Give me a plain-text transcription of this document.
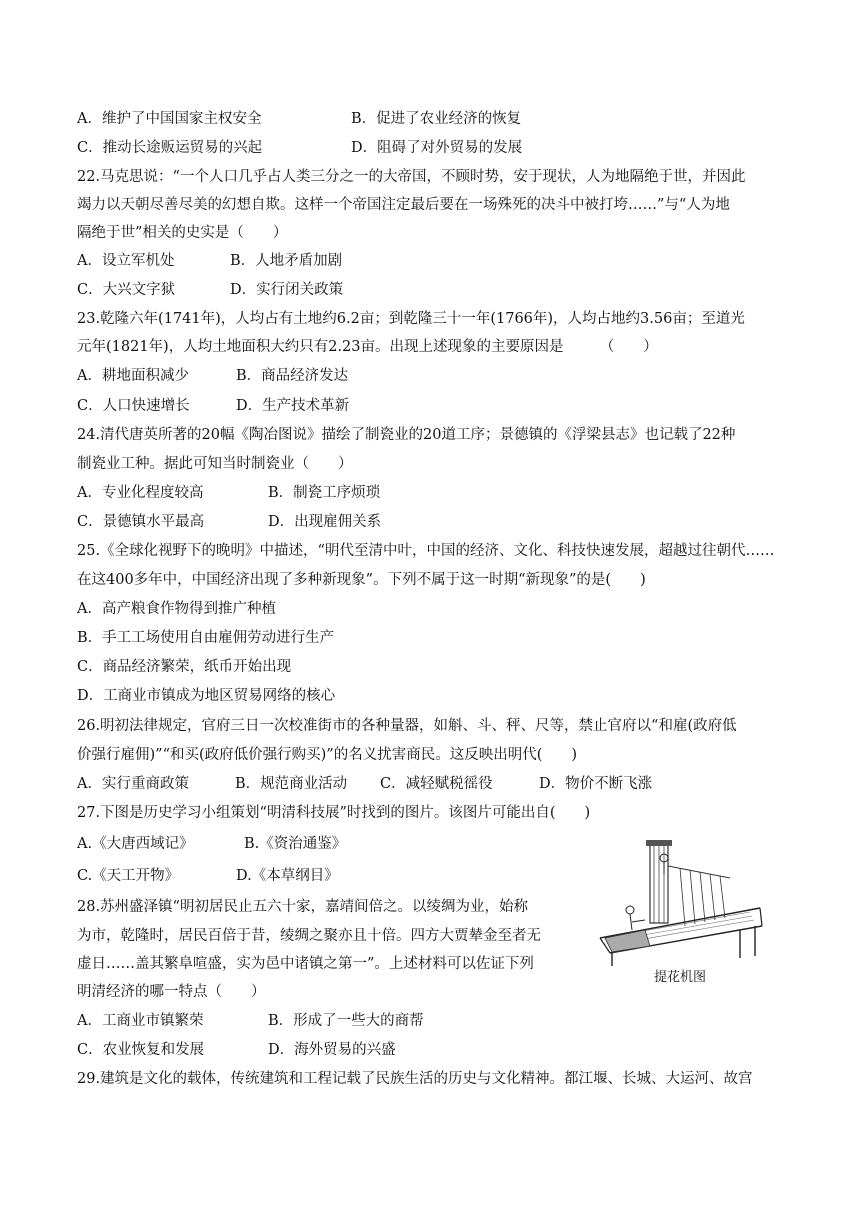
A．维护了中国国家主权安全	B．促进了农业经济的恢复
C．推动长途贩运贸易的兴起	D．阻碍了对外贸易的发展
22.马克思说：“一个人口几乎占人类三分之一的大帝国，不顾时势，安于现状，人为地隔绝于世，并因此
竭力以天朝尽善尽美的幻想自欺。这样一个帝国注定最后要在一场殊死的决斗中被打垮……”与“人为地
隔绝于世”相关的史实是（　　）
A．设立军机处	B．人地矛盾加剧
C．大兴文字狱	D．实行闭关政策
23.乾隆六年(1741年)，人均占有土地约6.2亩；到乾隆三十一年(1766年)，人均占地约3.56亩；至道光
元年(1821年)，人均土地面积大约只有2.23亩。出现上述现象的主要原因是　　　（　　）
A．耕地面积减少	B．商品经济发达
C．人口快速增长	D．生产技术革新
24.清代唐英所著的20幅《陶冶图说》描绘了制瓷业的20道工序；景德镇的《浮梁县志》也记载了22种
制瓷业工种。据此可知当时制瓷业（　　）
A．专业化程度较高	B．制瓷工序烦琐
C．景德镇水平最高	D．出现雇佣关系
25.《全球化视野下的晚明》中描述，“明代至清中叶，中国的经济、文化、科技快速发展，超越过往朝代……
在这400多年中，中国经济出现了多种新现象”。下列不属于这一时期“新现象”的是(　　)
A．高产粮食作物得到推广种植
B．手工工场使用自由雇佣劳动进行生产
C．商品经济繁荣，纸币开始出现
D．工商业市镇成为地区贸易网络的核心
26.明初法律规定，官府三日一次校准街市的各种量器，如斛、斗、秤、尺等，禁止官府以“和雇(政府低
价强行雇佣)”“和买(政府低价强行购买)”的名义扰害商民。这反映出明代(　　)
A．实行重商政策	B．规范商业活动 C．减轻赋税徭役	D．物价不断飞涨
27.下图是历史学习小组策划“明清科技展”时找到的图片。该图片可能出自(　　)
A.《大唐西域记》	B.《资治通鉴》
C.《天工开物》	D.《本草纲目》
提花机图
28.苏州盛泽镇“明初居民止五六十家，嘉靖间倍之。以绫绸为业，始称
为市，乾隆时，居民百倍于昔，绫绸之聚亦且十倍。四方大贾辇金至者无
虚日……盖其繁阜喧盛，实为邑中诸镇之第一”。上述材料可以佐证下列
明清经济的哪一特点（　　）
A．工商业市镇繁荣	B．形成了一些大的商帮
C．农业恢复和发展	D．海外贸易的兴盛
29.建筑是文化的载体，传统建筑和工程记载了民族生活的历史与文化精神。都江堰、长城、大运河、故宫
